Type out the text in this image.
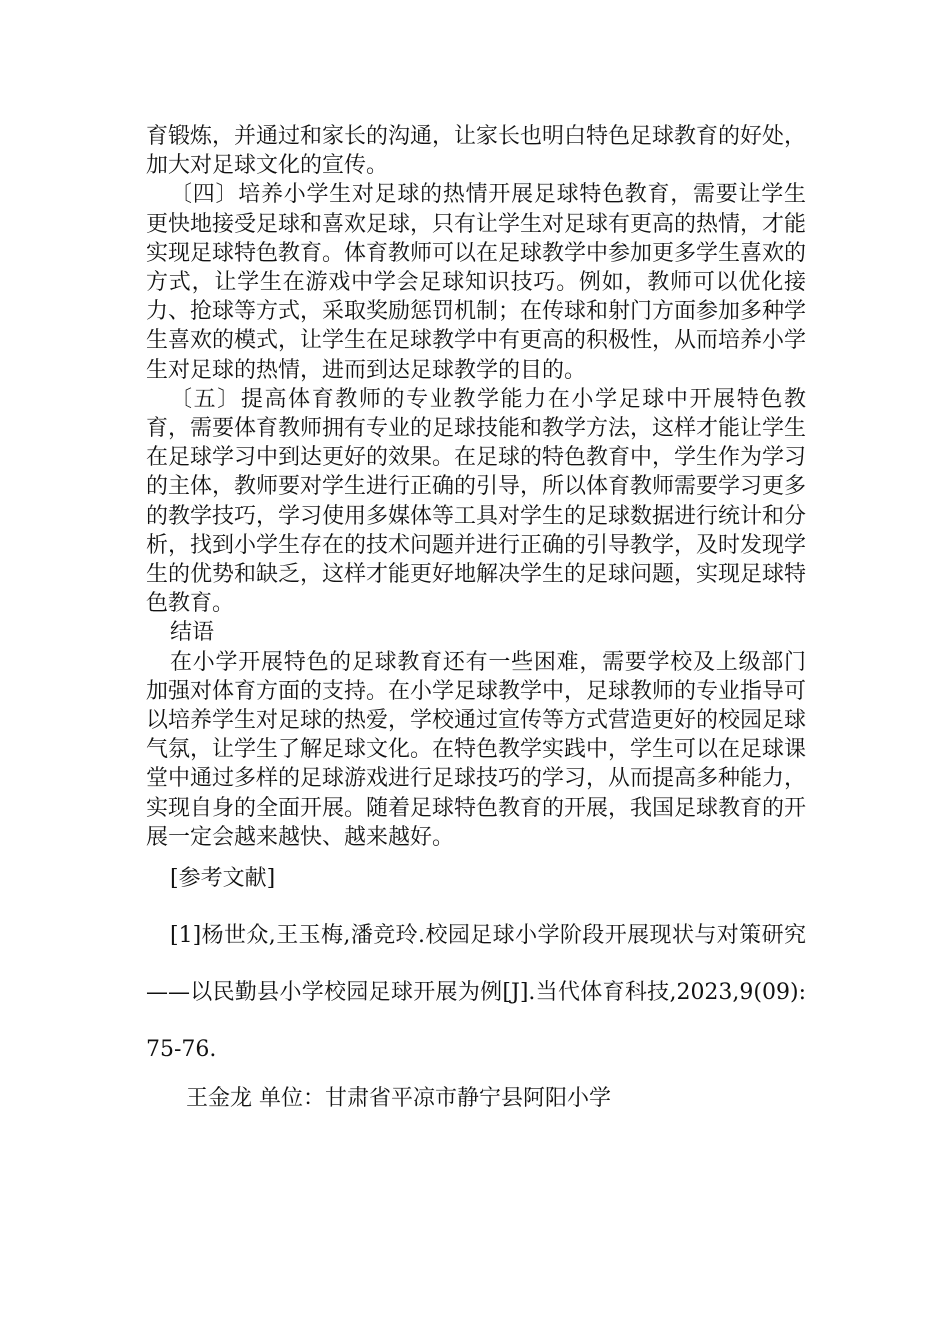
育锻炼，并通过和家长的沟通，让家长也明白特色足球教育的好处，加大对足球文化的宣传。

〔四〕培养小学生对足球的热情开展足球特色教育，需要让学生更快地接受足球和喜欢足球，只有让学生对足球有更高的热情，才能实现足球特色教育。体育教师可以在足球教学中参加更多学生喜欢的方式，让学生在游戏中学会足球知识技巧。例如，教师可以优化接力、抢球等方式，采取奖励惩罚机制；在传球和射门方面参加多种学生喜欢的模式，让学生在足球教学中有更高的积极性，从而培养小学生对足球的热情，进而到达足球教学的目的。

〔五〕提高体育教师的专业教学能力在小学足球中开展特色教育，需要体育教师拥有专业的足球技能和教学方法，这样才能让学生在足球学习中到达更好的效果。在足球的特色教育中，学生作为学习的主体，教师要对学生进行正确的引导，所以体育教师需要学习更多的教学技巧，学习使用多媒体等工具对学生的足球数据进行统计和分析，找到小学生存在的技术问题并进行正确的引导教学，及时发现学生的优势和缺乏，这样才能更好地解决学生的足球问题，实现足球特色教育。

结语

在小学开展特色的足球教育还有一些困难，需要学校及上级部门加强对体育方面的支持。在小学足球教学中，足球教师的专业指导可以培养学生对足球的热爱，学校通过宣传等方式营造更好的校园足球气氛，让学生了解足球文化。在特色教学实践中，学生可以在足球课堂中通过多样的足球游戏进行足球技巧的学习，从而提高多种能力，实现自身的全面开展。随着足球特色教育的开展，我国足球教育的开展一定会越来越快、越来越好。

[参考文献]

[1]杨世众,王玉梅,潘竞玲.校园足球小学阶段开展现状与对策研究——以民勤县小学校园足球开展为例[J].当代体育科技,2023,9(09):75-76.

王金龙 单位：甘肃省平凉市静宁县阿阳小学
